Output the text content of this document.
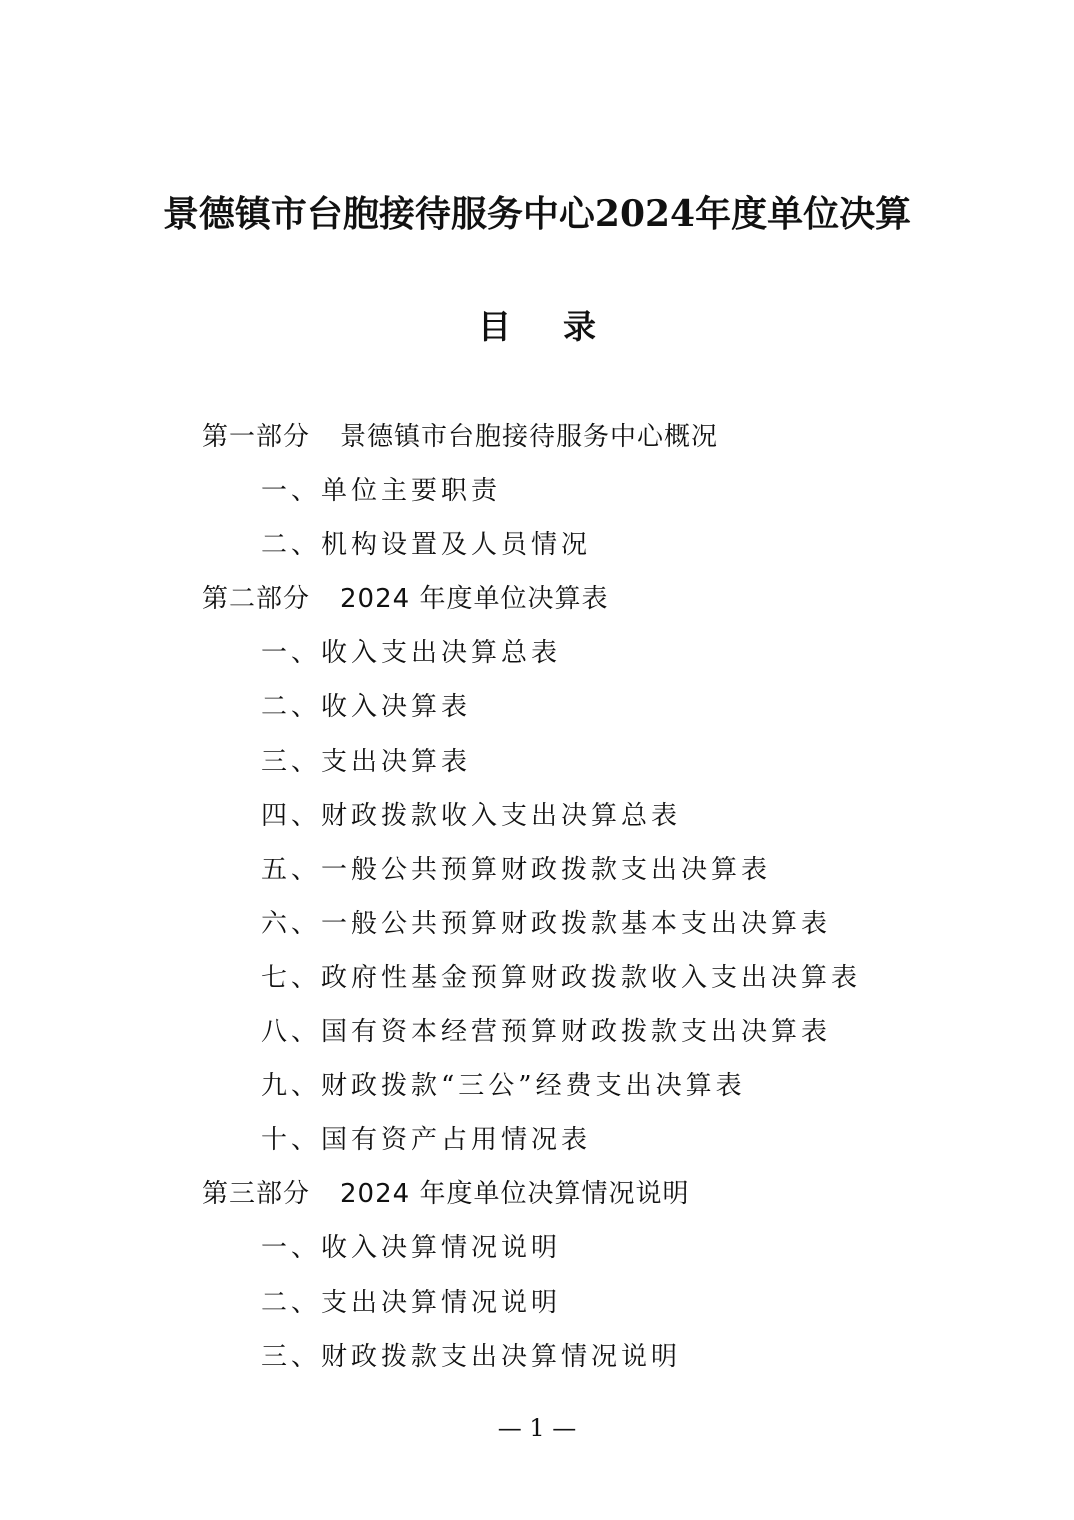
景德镇市台胞接待服务中心2024年度单位决算
目 录
第一部分 景德镇市台胞接待服务中心概况
一、单位主要职责
二、机构设置及人员情况
第二部分 2024 年度单位决算表
一、收入支出决算总表
二、收入决算表
三、支出决算表
四、财政拨款收入支出决算总表
五、一般公共预算财政拨款支出决算表
六、一般公共预算财政拨款基本支出决算表
七、政府性基金预算财政拨款收入支出决算表
八、国有资本经营预算财政拨款支出决算表
九、财政拨款“三公”经费支出决算表
十、国有资产占用情况表
第三部分 2024 年度单位决算情况说明
一、收入决算情况说明
二、支出决算情况说明
三、财政拨款支出决算情况说明
— 1 —
